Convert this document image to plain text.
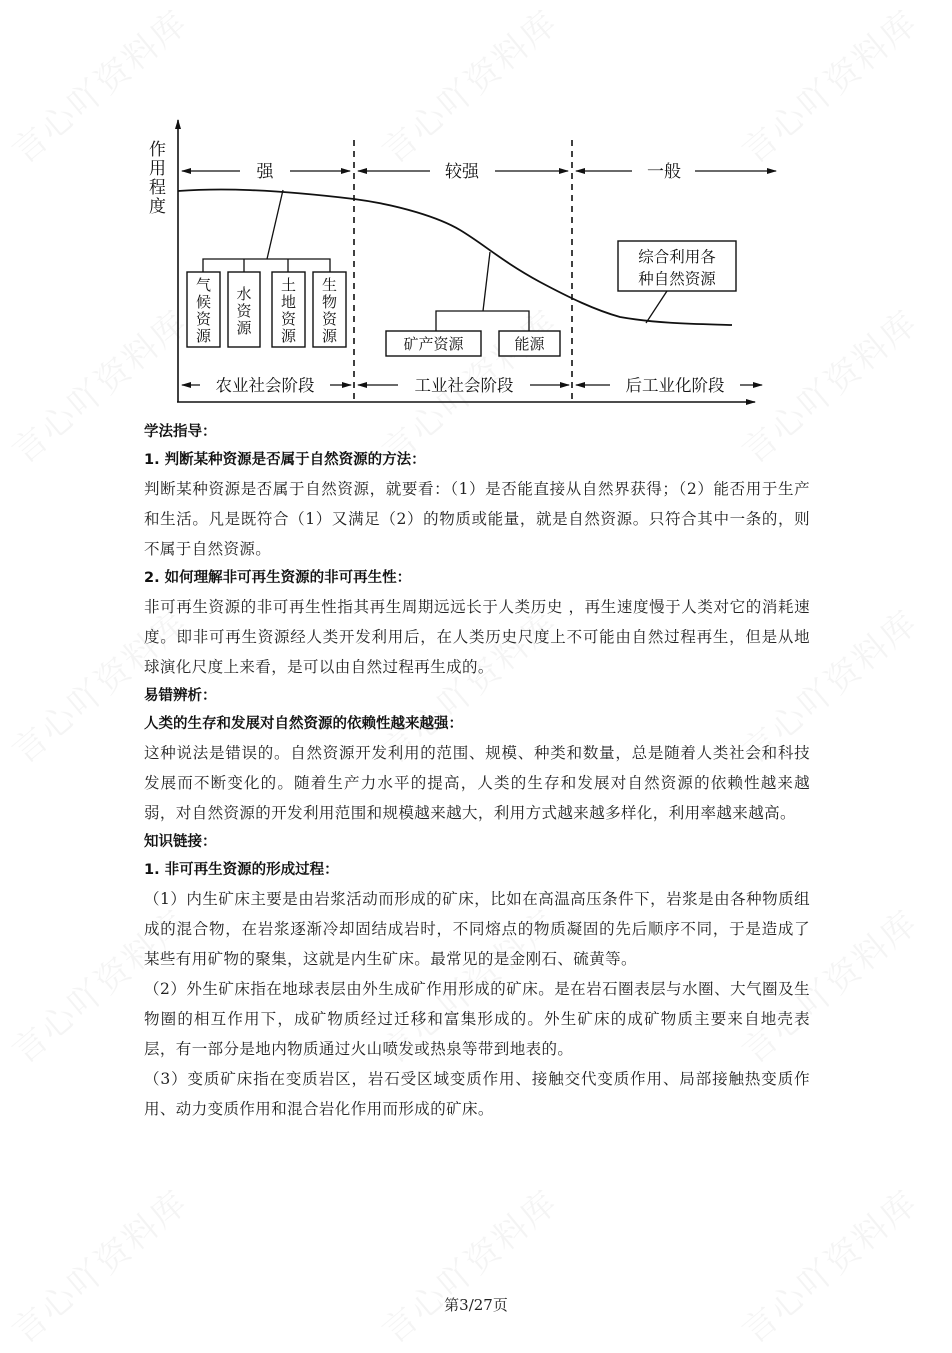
作
用
程
度
强	较强	一般
气
候
资
源
水
资
源
土
地
资
源
生
物
资
源	矿产资源	能源
综合利用各
种自然资源
农业社会阶段	工业社会阶段	后工业化阶段

学法指导：

1. 判断某种资源是否属于自然资源的方法：

判断某种资源是否属于自然资源，就要看：（1）是否能直接从自然界获得；（2）能否用于生产和生活。凡是既符合（1）又满足（2）的物质或能量，就是自然资源。只符合其中一条的，则不属于自然资源。

2. 如何理解非可再生资源的非可再生性：

非可再生资源的非可再生性指其再生周期远远长于人类历史 ，再生速度慢于人类对它的消耗速度。即非可再生资源经人类开发利用后，在人类历史尺度上不可能由自然过程再生，但是从地球演化尺度上来看，是可以由自然过程再生成的。

易错辨析：

人类的生存和发展对自然资源的依赖性越来越强：

这种说法是错误的。自然资源开发利用的范围、规模、种类和数量，总是随着人类社会和科技发展而不断变化的。随着生产力水平的提高，人类的生存和发展对自然资源的依赖性越来越弱，对自然资源的开发利用范围和规模越来越大，利用方式越来越多样化，利用率越来越高。

知识链接：

1. 非可再生资源的形成过程：

（1）内生矿床主要是由岩浆活动而形成的矿床，比如在高温高压条件下，岩浆是由各种物质组成的混合物，在岩浆逐渐冷却固结成岩时，不同熔点的物质凝固的先后顺序不同，于是造成了某些有用矿物的聚集，这就是内生矿床。最常见的是金刚石、硫黄等。

（2）外生矿床指在地球表层由外生成矿作用形成的矿床。是在岩石圈表层与水圈、大气圈及生物圈的相互作用下，成矿物质经过迁移和富集形成的。外生矿床的成矿物质主要来自地壳表层，有一部分是地内物质通过火山喷发或热泉等带到地表的。

（3）变质矿床指在变质岩区，岩石受区域变质作用、接触交代变质作用、局部接触热变质作用、动力变质作用和混合岩化作用而形成的矿床。

第3/27页
